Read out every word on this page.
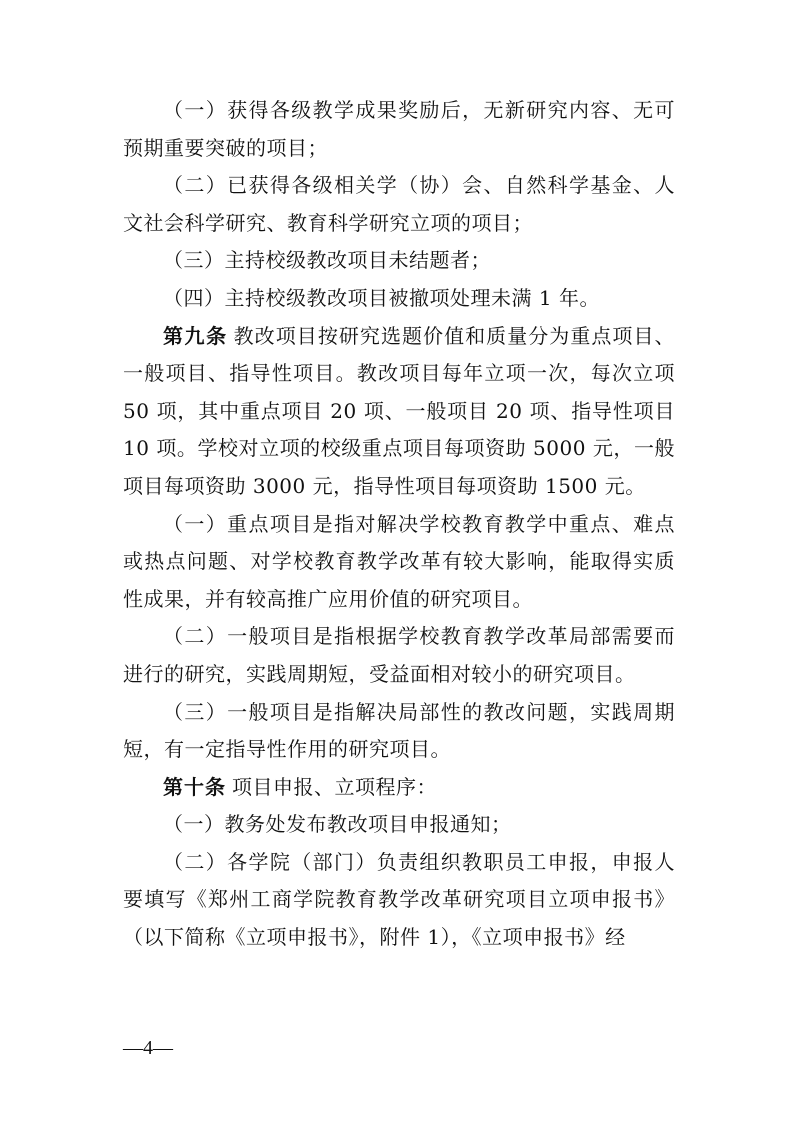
（一）获得各级教学成果奖励后，无新研究内容、无可预期重要突破的项目；

（二）已获得各级相关学（协）会、自然科学基金、人文社会科学研究、教育科学研究立项的项目；

（三）主持校级教改项目未结题者；

（四）主持校级教改项目被撤项处理未满 1 年。

第九条 教改项目按研究选题价值和质量分为重点项目、一般项目、指导性项目。教改项目每年立项一次，每次立项 50 项，其中重点项目 20 项、一般项目 20 项、指导性项目 10 项。学校对立项的校级重点项目每项资助 5000 元，一般项目每项资助 3000 元，指导性项目每项资助 1500 元。

（一）重点项目是指对解决学校教育教学中重点、难点或热点问题、对学校教育教学改革有较大影响，能取得实质性成果，并有较高推广应用价值的研究项目。

（二）一般项目是指根据学校教育教学改革局部需要而进行的研究，实践周期短，受益面相对较小的研究项目。

（三）一般项目是指解决局部性的教改问题，实践周期短，有一定指导性作用的研究项目。

第十条 项目申报、立项程序：

（一）教务处发布教改项目申报通知；

（二）各学院（部门）负责组织教职员工申报，申报人要填写《郑州工商学院教育教学改革研究项目立项申报书》（以下简称《立项申报书》，附件 1），《立项申报书》经

—4—
